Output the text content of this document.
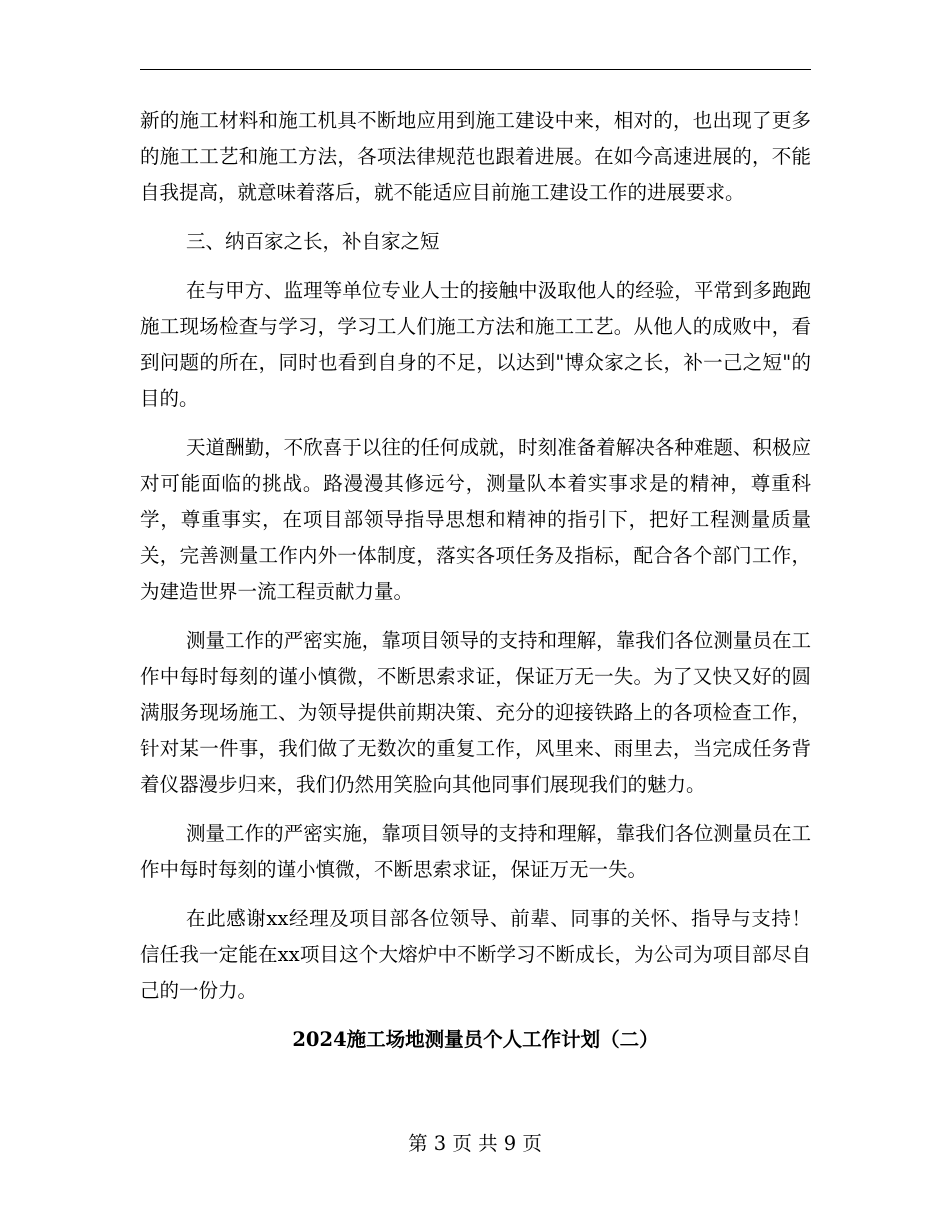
新的施工材料和施工机具不断地应用到施工建设中来，相对的，也出现了更多的施工工艺和施工方法，各项法律规范也跟着进展。在如今高速进展的，不能自我提高，就意味着落后，就不能适应目前施工建设工作的进展要求。

三、纳百家之长，补自家之短

在与甲方、监理等单位专业人士的接触中汲取他人的经验，平常到多跑跑施工现场检查与学习，学习工人们施工方法和施工工艺。从他人的成败中，看到问题的所在，同时也看到自身的不足，以达到"博众家之长，补一己之短"的目的。

天道酬勤，不欣喜于以往的任何成就，时刻准备着解决各种难题、积极应对可能面临的挑战。路漫漫其修远兮，测量队本着实事求是的精神，尊重科学，尊重事实，在项目部领导指导思想和精神的指引下，把好工程测量质量关，完善测量工作内外一体制度，落实各项任务及指标，配合各个部门工作，为建造世界一流工程贡献力量。

测量工作的严密实施，靠项目领导的支持和理解，靠我们各位测量员在工作中每时每刻的谨小慎微，不断思索求证，保证万无一失。为了又快又好的圆满服务现场施工、为领导提供前期决策、充分的迎接铁路上的各项检查工作，针对某一件事，我们做了无数次的重复工作，风里来、雨里去，当完成任务背着仪器漫步归来，我们仍然用笑脸向其他同事们展现我们的魅力。

测量工作的严密实施，靠项目领导的支持和理解，靠我们各位测量员在工作中每时每刻的谨小慎微，不断思索求证，保证万无一失。

在此感谢xx经理及项目部各位领导、前辈、同事的关怀、指导与支持！信任我一定能在xx项目这个大熔炉中不断学习不断成长，为公司为项目部尽自己的一份力。

2024施工场地测量员个人工作计划（二）

第 3 页 共 9 页
